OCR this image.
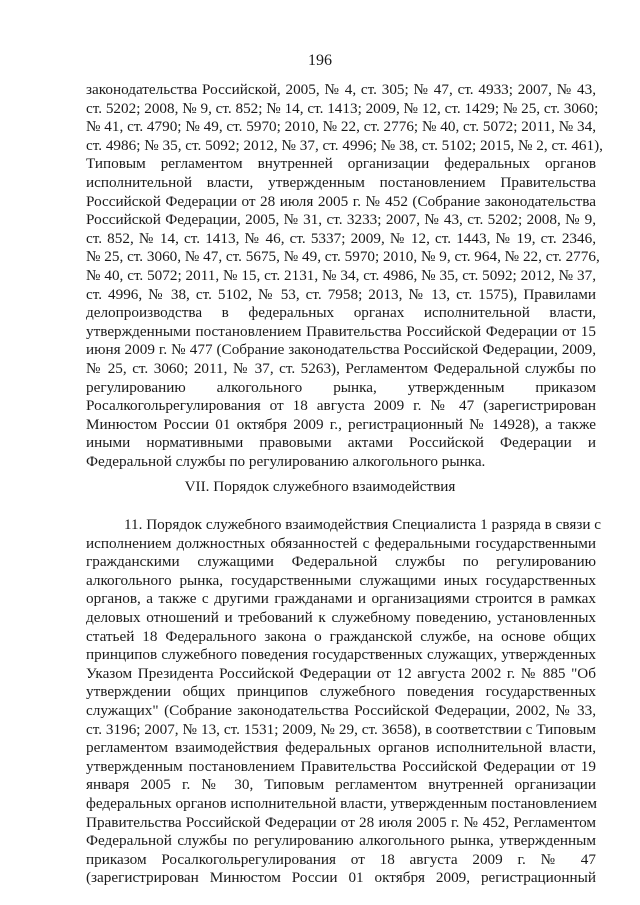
196
законодательства Российской, 2005, № 4, ст. 305; № 47, ст. 4933; 2007, № 43,
ст. 5202; 2008, № 9, ст. 852; № 14, ст. 1413; 2009, № 12, ст. 1429; № 25, ст. 3060;
№ 41, ст. 4790; № 49, ст. 5970; 2010, № 22, ст. 2776; № 40, ст. 5072; 2011, № 34,
ст. 4986; № 35, ст. 5092; 2012, № 37, ст. 4996; № 38, ст. 5102; 2015, № 2, ст. 461),
Типовым регламентом внутренней организации федеральных органов
исполнительной власти, утвержденным постановлением Правительства
Российской Федерации от 28 июля 2005 г. № 452 (Собрание законодательства
Российской Федерации, 2005, № 31, ст. 3233; 2007, № 43, ст. 5202; 2008, № 9,
ст. 852, № 14, ст. 1413, № 46, ст. 5337; 2009, № 12, ст. 1443, № 19, ст. 2346,
№ 25, ст. 3060, № 47, ст. 5675, № 49, ст. 5970; 2010, № 9, ст. 964, № 22, ст. 2776,
№ 40, ст. 5072; 2011, № 15, ст. 2131, № 34, ст. 4986, № 35, ст. 5092; 2012, № 37,
ст. 4996, № 38, ст. 5102, № 53, ст. 7958; 2013, № 13, ст. 1575), Правилами
делопроизводства в федеральных органах исполнительной власти,
утвержденными постановлением Правительства Российской Федерации от 15
июня 2009 г. № 477 (Собрание законодательства Российской Федерации, 2009,
№ 25, ст. 3060; 2011, № 37, ст. 5263), Регламентом Федеральной службы по
регулированию алкогольного рынка, утвержденным приказом
Росалкогольрегулирования от 18 августа 2009 г. № 47 (зарегистрирован
Минюстом России 01 октября 2009 г., регистрационный № 14928), а также
иными нормативными правовыми актами Российской Федерации и
Федеральной службы по регулированию алкогольного рынка.
VII. Порядок служебного взаимодействия
11. Порядок служебного взаимодействия Специалиста 1 разряда в связи с
исполнением должностных обязанностей с федеральными государственными
гражданскими служащими Федеральной службы по регулированию
алкогольного рынка, государственными служащими иных государственных
органов, а также с другими гражданами и организациями строится в рамках
деловых отношений и требований к служебному поведению, установленных
статьей 18 Федерального закона о гражданской службе, на основе общих
принципов служебного поведения государственных служащих, утвержденных
Указом Президента Российской Федерации от 12 августа 2002 г. № 885 "Об
утверждении общих принципов служебного поведения государственных
служащих" (Собрание законодательства Российской Федерации, 2002, № 33,
ст. 3196; 2007, № 13, ст. 1531; 2009, № 29, ст. 3658), в соответствии с Типовым
регламентом взаимодействия федеральных органов исполнительной власти,
утвержденным постановлением Правительства Российской Федерации от 19
января 2005 г. № 30, Типовым регламентом внутренней организации
федеральных органов исполнительной власти, утвержденным постановлением
Правительства Российской Федерации от 28 июля 2005 г. № 452, Регламентом
Федеральной службы по регулированию алкогольного рынка, утвержденным
приказом Росалкогольрегулирования от 18 августа 2009 г. № 47
(зарегистрирован Минюстом России 01 октября 2009, регистрационный
